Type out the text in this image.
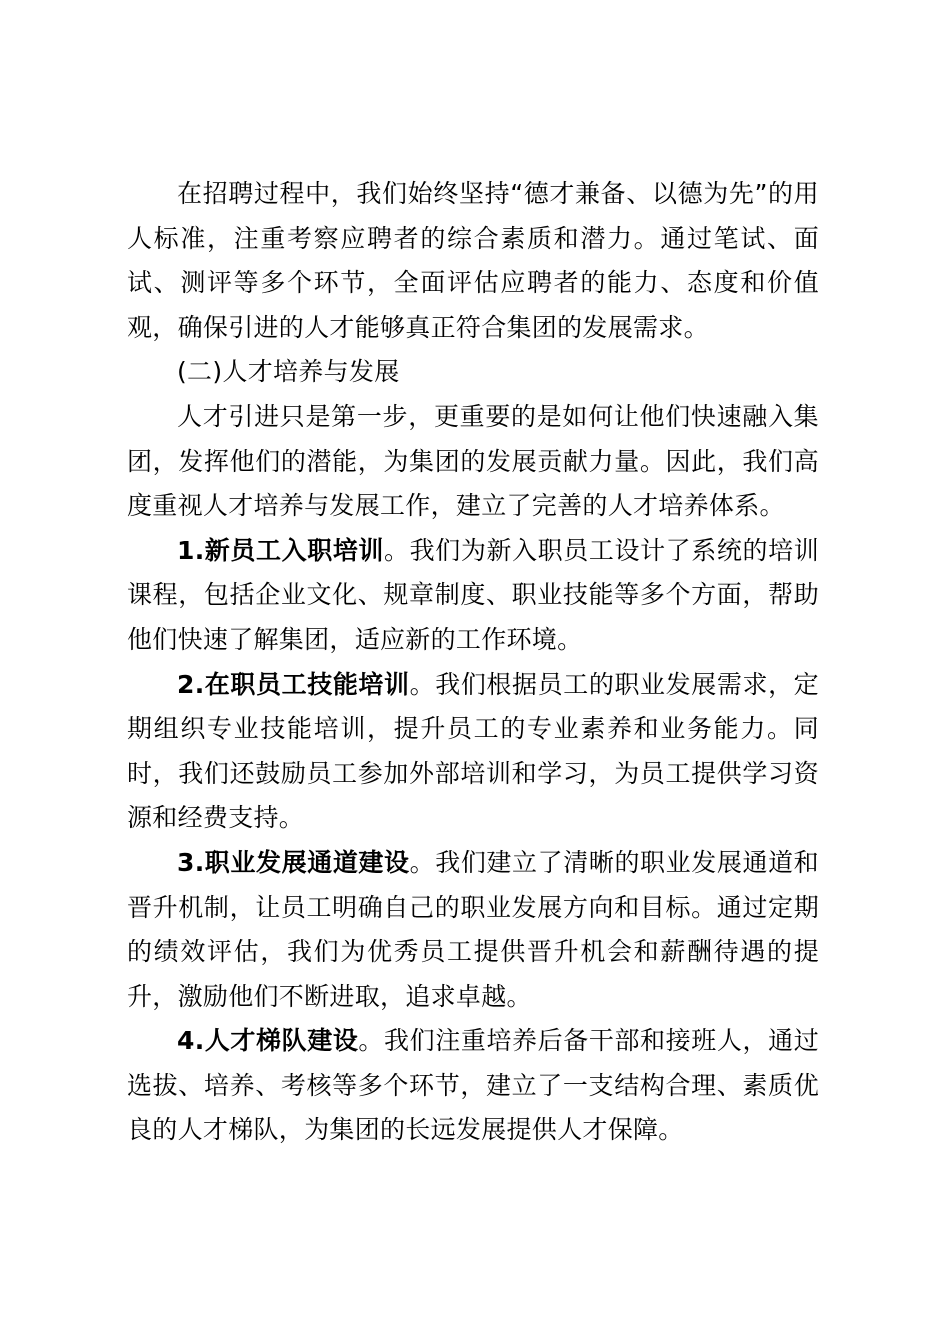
在招聘过程中，我们始终坚持“德才兼备、以德为先”的用人标准，注重考察应聘者的综合素质和潜力。通过笔试、面试、测评等多个环节，全面评估应聘者的能力、态度和价值观，确保引进的人才能够真正符合集团的发展需求。

(二)人才培养与发展

人才引进只是第一步，更重要的是如何让他们快速融入集团，发挥他们的潜能，为集团的发展贡献力量。因此，我们高度重视人才培养与发展工作，建立了完善的人才培养体系。

1.新员工入职培训。我们为新入职员工设计了系统的培训课程，包括企业文化、规章制度、职业技能等多个方面，帮助他们快速了解集团，适应新的工作环境。

2.在职员工技能培训。我们根据员工的职业发展需求，定期组织专业技能培训，提升员工的专业素养和业务能力。同时，我们还鼓励员工参加外部培训和学习，为员工提供学习资源和经费支持。

3.职业发展通道建设。我们建立了清晰的职业发展通道和晋升机制，让员工明确自己的职业发展方向和目标。通过定期的绩效评估，我们为优秀员工提供晋升机会和薪酬待遇的提升，激励他们不断进取，追求卓越。

4.人才梯队建设。我们注重培养后备干部和接班人，通过选拔、培养、考核等多个环节，建立了一支结构合理、素质优良的人才梯队，为集团的长远发展提供人才保障。
